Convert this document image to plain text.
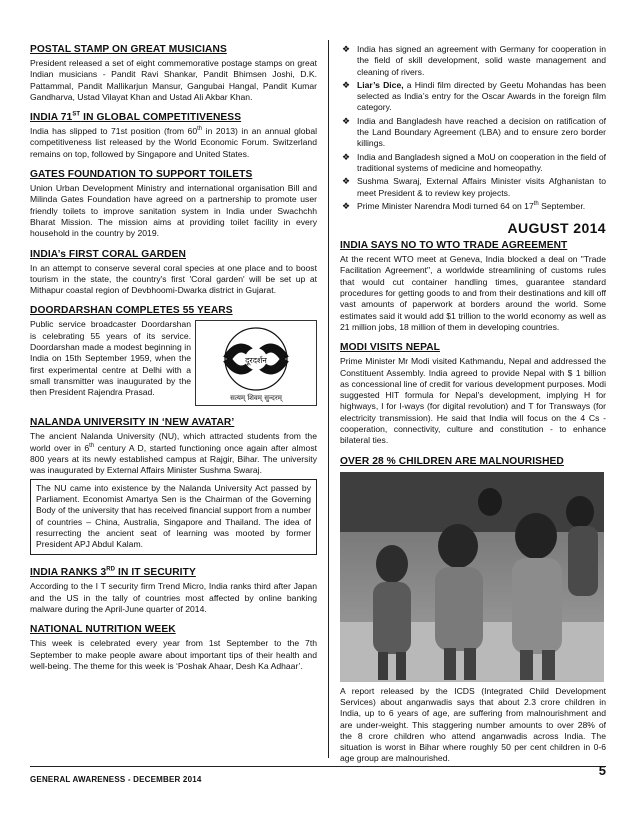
POSTAL STAMP ON GREAT MUSICIANS

President released a set of eight commemorative postage stamps on great Indian musicians - Pandit Ravi Shankar, Pandit Bhimsen Joshi, D.K. Pattammal, Pandit Mallikarjun Mansur, Gangubai Hangal, Pandit Kumar Gandharva, Ustad Vilayat Khan and Ustad Ali Akbar Khan.

INDIA 71ST IN GLOBAL COMPETITIVENESS

India has slipped to 71st position (from 60th in 2013) in an annual global competitiveness list released by the World Economic Forum. Switzerland remains on top, followed by Singapore and United States.

GATES FOUNDATION TO SUPPORT TOILETS

Union Urban Development Ministry and international organisation Bill and Milinda Gates Foundation have agreed on a partnership to promote user friendly toilets to improve sanitation system in India under Swachchh Bharat Mission. The mission aims at providing toilet facility in every household in the country by 2019.

INDIA’s FIRST CORAL GARDEN

In an attempt to conserve several coral species at one place and to boost tourism in the state, the country's first 'Coral garden' will be set up at Mithapur coastal region of Devbhoomi-Dwarka district in Gujarat.

DOORDARSHAN COMPLETES 55 YEARS
दूरदर्शन
सत्यम् शिवम् सुन्दरम्

Public service broadcaster Doordarshan is celebrating 55 years of its service. Doordarshan made a modest beginning in India on 15th September 1959, when the first experimental centre at Delhi with a small transmitter was inaugurated by the then President Rajendra Prasad.

NALANDA UNIVERSITY IN ‘NEW AVATAR’

The ancient Nalanda University (NU), which attracted students from the world over in 6th century A D, started functioning once again after almost 800 years at its newly established campus at Rajgir, Bihar. The university was inaugurated by External Affairs Minister Sushma Swaraj.

The NU came into existence by the Nalanda University Act passed by Parliament. Economist Amartya Sen is the Chairman of the Governing Body of the university that has received financial support from a number of countries – China, Australia, Singapore and Thailand. The idea of resurrecting the ancient seat of learning was mooted by former President APJ Abdul Kalam.

INDIA RANKS 3RD IN IT SECURITY

According to the I T security firm Trend Micro, India ranks third after Japan and the US in the tally of countries most affected by online banking malware during the April-June quarter of 2014.

NATIONAL NUTRITION WEEK

This week is celebrated every year from 1st September to the 7th September to make people aware about important tips of their health and well-being. The theme for this week is ‘Poshak Ahaar, Desh Ka Adhaar’.

❖ India has signed an agreement with Germany for cooperation in the field of skill development, solid waste management and cleaning of rivers.
❖ Liar’s Dice, a Hindi film directed by Geetu Mohandas has been selected as India’s entry for the Oscar Awards in the foreign film category.
❖ India and Bangladesh have reached a decision on ratification of the Land Boundary Agreement (LBA) and to ensure zero border killings.
❖ India and Bangladesh signed a MoU on cooperation in the field of traditional systems of medicine and homeopathy.
❖ Sushma Swaraj, External Affairs Minister visits Afghanistan to meet President & to review key projects.
❖ Prime Minister Narendra Modi turned 64 on 17th September.
AUGUST 2014
INDIA SAYS NO TO WTO TRADE AGREEMENT

At the recent WTO meet at Geneva, India blocked a deal on "Trade Facilitation Agreement", a worldwide streamlining of customs rules that would cut container handling times, guarantee standard procedures for getting goods to and from their destinations and kill off vast amounts of paperwork at borders around the world. Some estimates said it would add $1 trillion to the world economy as well as 21 million jobs, 18 million of them in developing countries.

MODI VISITS NEPAL

Prime Minister Mr Modi visited Kathmandu, Nepal and addressed the Constituent Assembly. India agreed to provide Nepal with $ 1 billion as concessional line of credit for various development purposes. Modi suggested HIT formula for Nepal's development, implying H for highways, I for I-ways (for digital revolution) and T for Transways (for electricity transmission). He said that India will focus on the 4 Cs - cooperation, connectivity, culture and constitution - to enhance bilateral ties.

OVER 28 % CHILDREN ARE MALNOURISHED

A report released by the ICDS (Integrated Child Development Services) about anganwadis says that about 2.3 crore children in India, up to 6 years of age, are suffering from malnourishment and are under-weight. This staggering number amounts to over 28% of the 8 crore children who attend anganwadis across India. The situation is worst in Bihar where roughly 50 per cent children in 0-6 age group are malnourished.

GENERAL AWARENESS - DECEMBER 2014
5
